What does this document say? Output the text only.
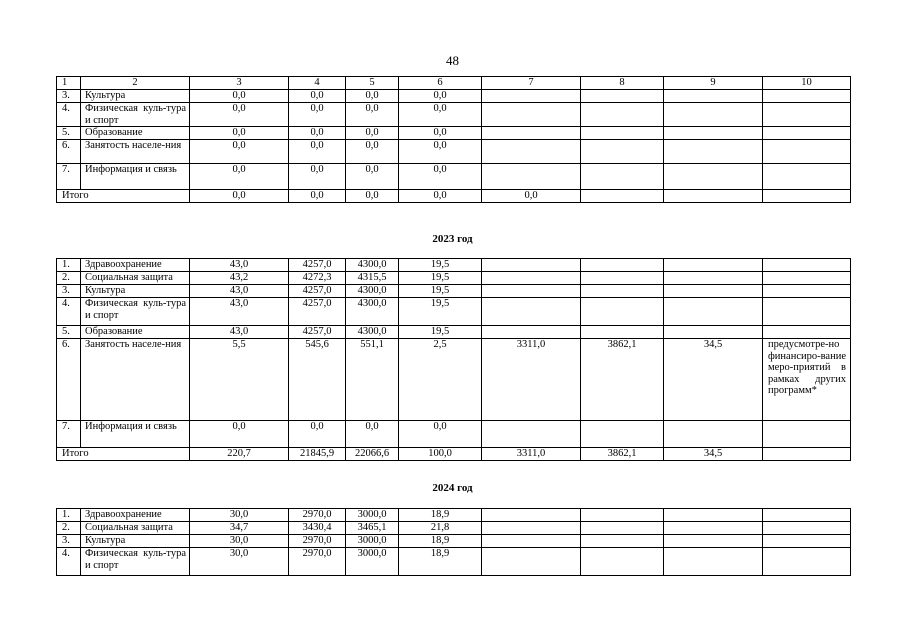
48
1	2	3	4	5	6	7	8	9	10
3.	Культура	0,0	0,0	0,0	0,0				
4.	Физическая куль-тура и спорт	0,0	0,0	0,0	0,0				
5.	Образование	0,0	0,0	0,0	0,0				
6.	Занятость населе-ния	0,0	0,0	0,0	0,0				
7.	Информация и связь	0,0	0,0	0,0	0,0				
Итого		0,0	0,0	0,0	0,0	0,0			
2023 год
1.	Здравоохранение	43,0	4257,0	4300,0	19,5				
2.	Социальная защита	43,2	4272,3	4315,5	19,5				
3.	Культура	43,0	4257,0	4300,0	19,5				
4.	Физическая куль-тура и спорт	43,0	4257,0	4300,0	19,5				
5.	Образование	43,0	4257,0	4300,0	19,5				
6.	Занятость населе-ния	5,5	545,6	551,1	2,5	3311,0	3862,1	34,5	предусмотре-но финансиро-вание меро-приятий в рамках других программ*
7.	Информация и связь	0,0	0,0	0,0	0,0				
Итого		220,7	21845,9	22066,6	100,0	3311,0	3862,1	34,5	
2024 год
1.	Здравоохранение	30,0	2970,0	3000,0	18,9				
2.	Социальная защита	34,7	3430,4	3465,1	21,8				
3.	Культура	30,0	2970,0	3000,0	18,9				
4.	Физическая куль-тура и спорт	30,0	2970,0	3000,0	18,9				
